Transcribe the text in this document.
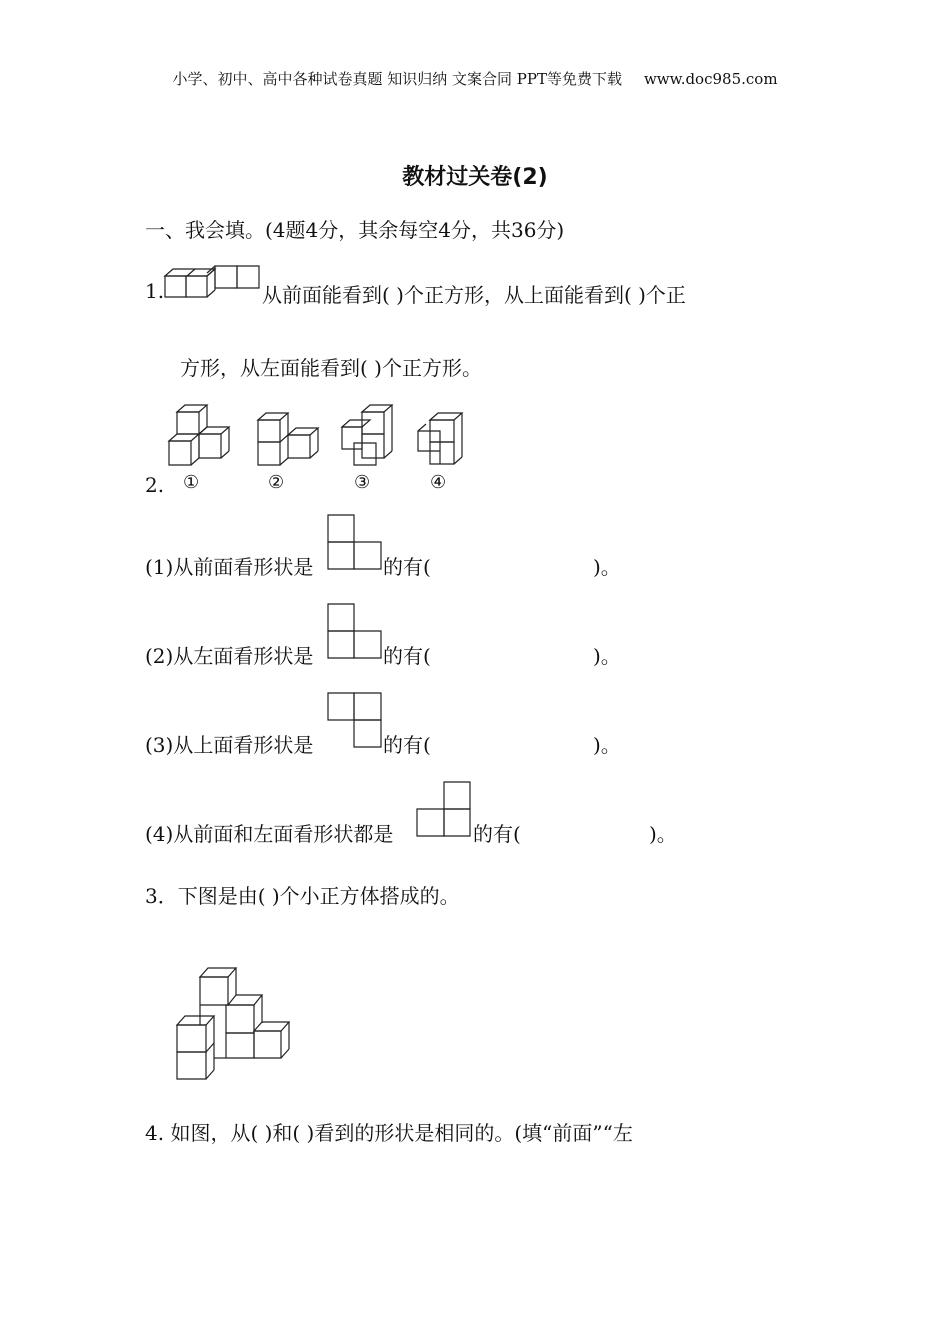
小学、初中、高中各种试卷真题 知识归纳 文案合同 PPT等免费下载 www.doc985.com
教材过关卷(2)
一、我会填。(4题4分，其余每空4分，共36分)
1.	从前面能看到( )个正方形，从上面能看到( )个正
方形，从左面能看到( )个正方形。
2. ①	②	③	④
(1)从前面看形状是	的有(	)。
(2)从左面看形状是	的有(	)。
(3)从上面看形状是	的有(	)。
(4)从前面和左面看形状都是	的有(	)。
3．下图是由( )个小正方体搭成的。
4. 如图，从( )和( )看到的形状是相同的。(填“前面”“左
